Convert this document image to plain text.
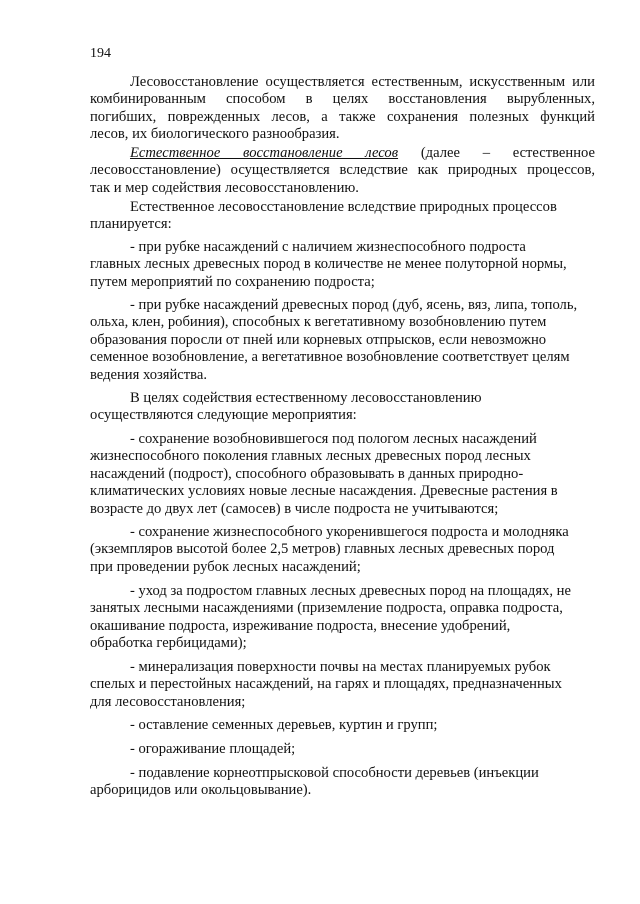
194
Лесовосстановление осуществляется естественным, искусственным или
комбинированным способом в целях восстановления вырубленных,
погибших, поврежденных лесов, а также сохранения полезных функций
лесов, их биологического разнообразия.
Естественное восстановление лесов (далее – естественное
лесовосстановление) осуществляется вследствие как природных процессов,
так и мер содействия лесовосстановлению.
Естественное лесовосстановление вследствие природных процессов
планируется:
- при рубке насаждений с наличием жизнеспособного подроста
главных лесных древесных пород в количестве не менее полуторной нормы,
путем мероприятий по сохранению подроста;
- при рубке насаждений древесных пород (дуб, ясень, вяз, липа, тополь,
ольха, клен, робиния), способных к вегетативному возобновлению путем
образования поросли от пней или корневых отпрысков, если невозможно
семенное возобновление, а вегетативное возобновление соответствует целям
ведения хозяйства.
В целях содействия естественному лесовосстановлению
осуществляются следующие мероприятия:
- сохранение возобновившегося под пологом лесных насаждений
жизнеспособного поколения главных лесных древесных пород лесных
насаждений (подрост), способного образовывать в данных природно-
климатических условиях новые лесные насаждения. Древесные растения в
возрасте до двух лет (самосев) в числе подроста не учитываются;
- сохранение жизнеспособного укоренившегося подроста и молодняка
(экземпляров высотой более 2,5 метров) главных лесных древесных пород
при проведении рубок лесных насаждений;
- уход за подростом главных лесных древесных пород на площадях, не
занятых лесными насаждениями (приземление подроста, оправка подроста,
окашивание подроста, изреживание подроста, внесение удобрений,
обработка гербицидами);
- минерализация поверхности почвы на местах планируемых рубок
спелых и перестойных насаждений, на гарях и площадях, предназначенных
для лесовосстановления;
- оставление семенных деревьев, куртин и групп;
- огораживание площадей;
- подавление корнеотпрысковой способности деревьев (инъекции
арборицидов или окольцовывание).
